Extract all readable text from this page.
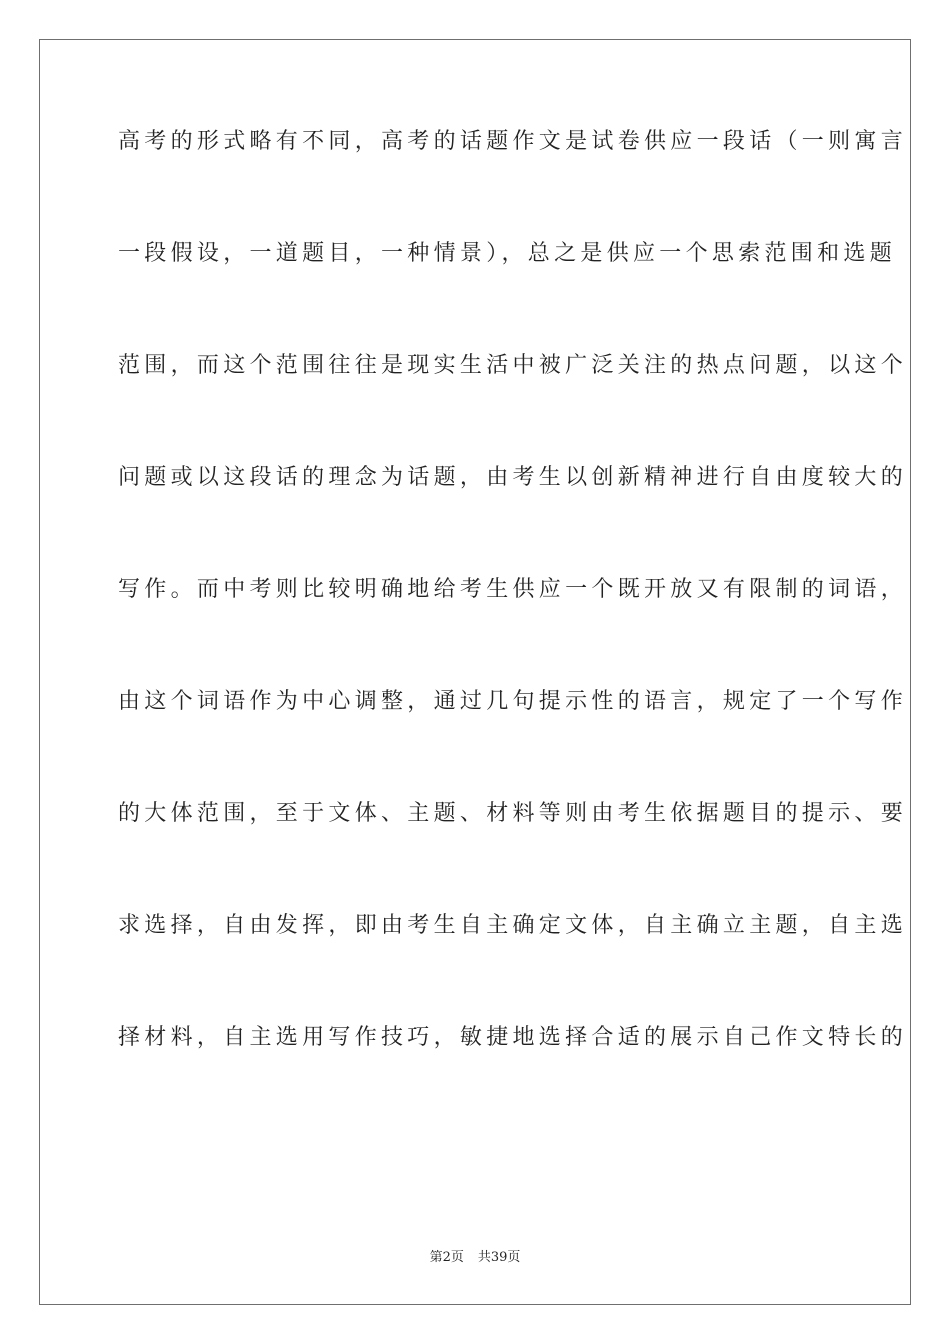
高考的形式略有不同，高考的话题作文是试卷供应一段话（一则寓言
一段假设，一道题目，一种情景），总之是供应一个思索范围和选题
范围，而这个范围往往是现实生活中被广泛关注的热点问题，以这个
问题或以这段话的理念为话题，由考生以创新精神进行自由度较大的
写作。而中考则比较明确地给考生供应一个既开放又有限制的词语，
由这个词语作为中心调整，通过几句提示性的语言，规定了一个写作
的大体范围，至于文体、主题、材料等则由考生依据题目的提示、要
求选择，自由发挥，即由考生自主确定文体，自主确立主题，自主选
择材料，自主选用写作技巧，敏捷地选择合适的展示自己作文特长的
第2页 共39页
